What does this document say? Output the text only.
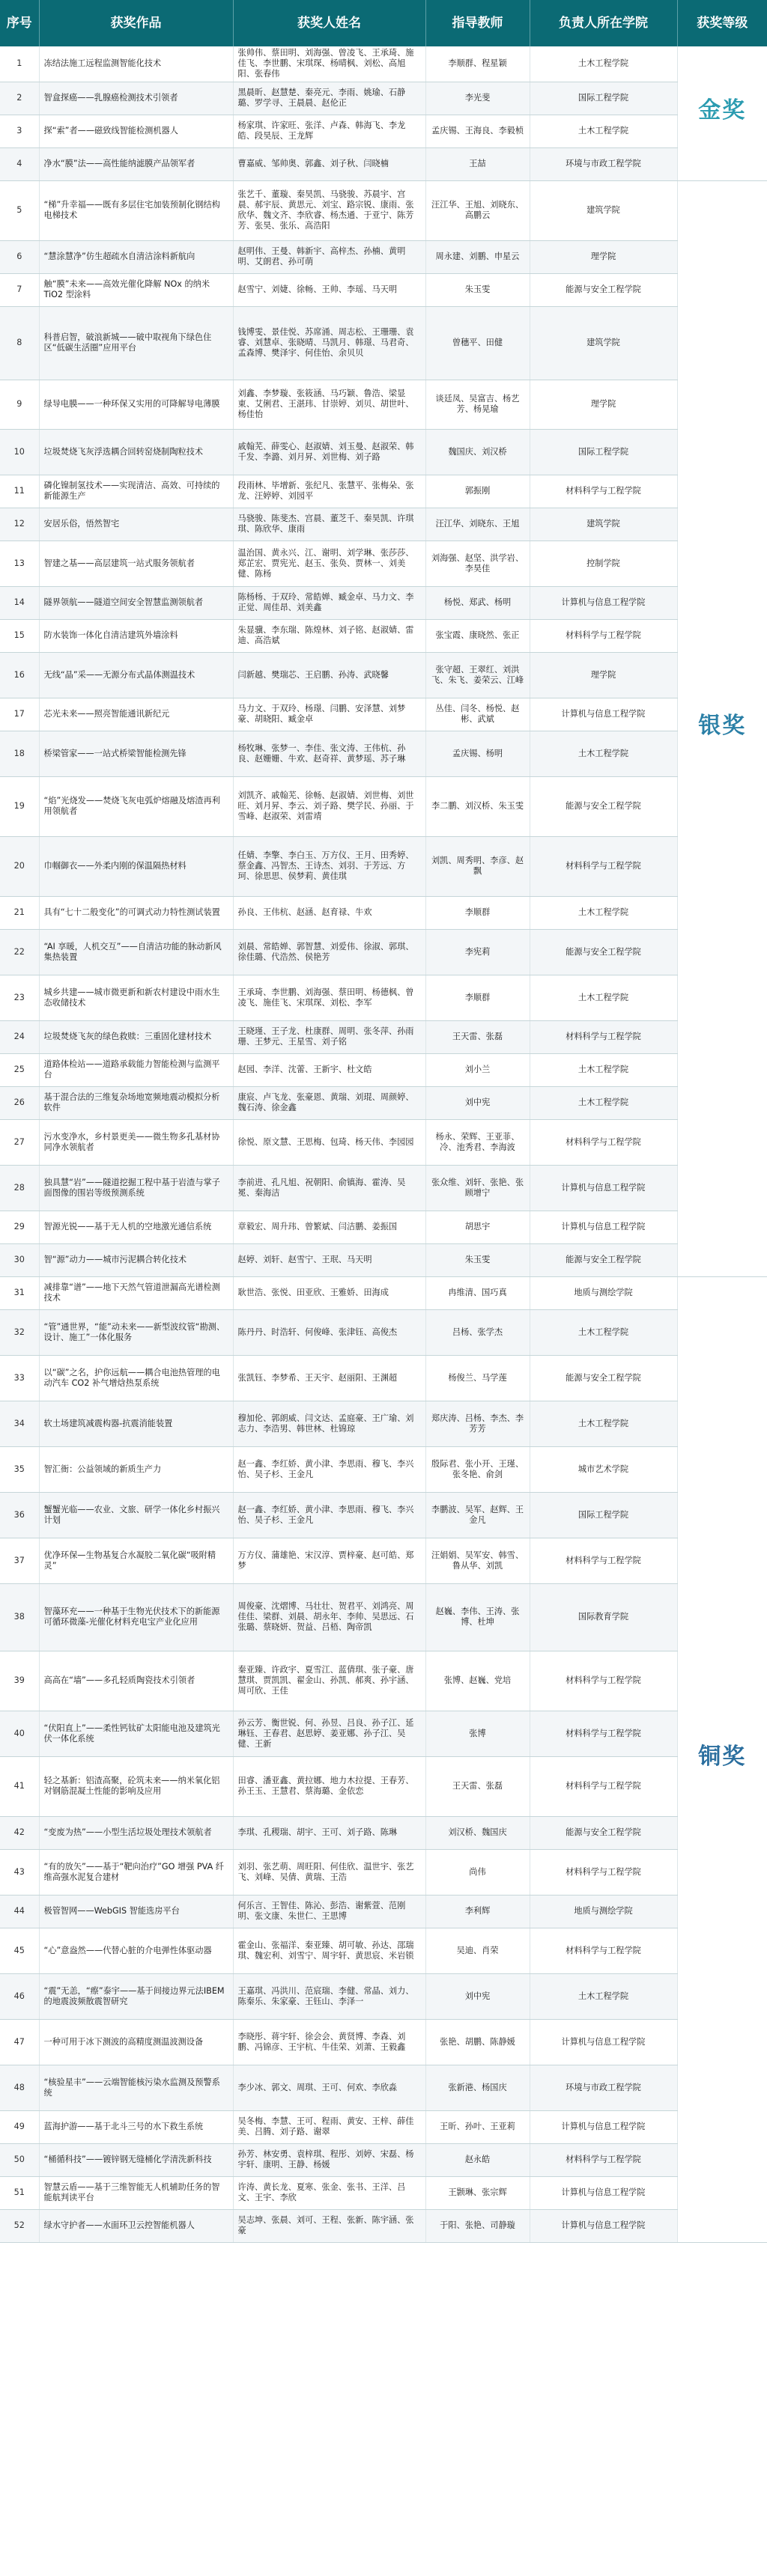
序号	获奖作品	获奖人姓名	指导教师	负责人所在学院	获奖等级
1	冻结法施工远程监测智能化技术	张帅伟、蔡田明、刘海强、曾凌飞、王承琦、施佳飞、李世鹏、宋琪琛、杨晴枫、刘松、高旭阳、张春伟	李顺群、程星颖	土木工程学院	金奖
2	智盒探癌——乳腺癌检测技术引领者	黑晨昕、赵慧楚、秦亮元、李雨、姚瑜、石静璐、罗学寻、王晨晨、赵伦正	李光斐	国际工程学院	
3	探“索”者——磁致线智能检测机器人	杨家琪、许家旺、张洋、卢森、韩海飞、李龙皓、段昊辰、王龙辉	孟庆锡、王海良、李毅桢	土木工程学院	
4	净水“膜”法——高性能纳滤膜产品领军者	曹嘉威、邹帅奥、郭鑫、刘子秋、闫晓楠	王喆	环境与市政工程学院	
5	“梯”升幸福——既有多层住宅加装预制化钢结构电梯技术	张艺千、董璇、秦昊凯、马骁骏、苏晨宇、宫晨、郝宇辰、黄思元、刘宝、路宗锐、康雨、张欣华、魏文齐、李欣睿、杨杰通、于亚宁、陈芳芳、张昊、张乐、高浩阳	汪江华、王旭、刘晓东、高鹏云	建筑学院	银奖
6	“慧涂慧净”仿生超疏水自清洁涂料新航向	赵明伟、王曼、韩新宇、高梓杰、孙楠、黄明明、艾朗君、孙可萌	周永建、刘鹏、申星云	理学院	
7	触“膜”未来——高效光催化降解 NOx 的纳米 TiO2 型涂料	赵雪宁、刘婕、徐畅、王帅、李瑶、马天明	朱玉雯	能源与安全工程学院	
8	科普启智，破浪新城——破中取视角下绿色住区“低碳生活圈”应用平台	钱博雯、景佳悦、苏席涌、周志松、王珊珊、袁睿、刘慧卓、张晓晴、马凯月、韩璟、马君奇、孟森博、樊泽宇、何佳怡、余贝贝	曾穗平、田健	建筑学院	
9	绿导电膜——一种环保又实用的可降解导电薄膜	刘鑫、李梦璇、张筱涵、马巧颖、鲁浩、梁显東、艾俐君、王湛玮、甘崇婷、刘贝、胡世叶、杨佳怡	谈廷凤、吴富吉、杨艺芳、杨晃瑜	理学院	
10	垃圾焚烧飞灰浮选耦合回转窑烧制陶粒技术	戚翰芜、薛雯心、赵淑婧、刘玉曼、赵淑荣、韩千发、李潞、刘月昇、刘世梅、刘子路	魏国庆、刘汉桥	国际工程学院	
11	磷化镍制氢技术——实现清洁、高效、可持续的新能源生产	段雨林、毕增新、张纪凡、张慧平、张梅朵、张龙、汪婷婷、刘园平	郭振刚	材料科学与工程学院	
12	安居乐俗，悟然智宅	马骁骏、陈斐杰、宫晨、董芝千、秦昊凯、许琪琪、陈欣华、康雨	汪江华、刘晓东、王旭	建筑学院	
13	智建之基——高层建筑一站式服务领航者	温治国、黄永兴、江、谢明、刘学琳、张莎莎、郑芷宏、贾宪光、赵玉、张奂、贾林一、刘美健、陈杨	刘海强、赵坚、洪学岩、李昊佳	控制学院	
14	隧界领航——隧道空间安全智慧监测领航者	陈杨杨、于双玲、常皓婵、臧金卓、马力文、李正觉、周佳昂、刘美鑫	杨悦、郑武、杨明	计算机与信息工程学院	
15	防水装饰一体化自清洁建筑外墙涂料	朱显骥、李东瑞、陈煌林、刘子铭、赵淑婧、雷迪、高浩斌	张宝霞、康晓然、张正	材料科学与工程学院	
16	无线“晶”采——无源分布式晶体测温技术	闫新越、樊瑞芯、王启鹏、孙涛、武晓馨	张守超、王翠红、刘洪飞、朱飞、姜荣云、江峰	理学院	
17	芯光未来——照亮智能通讯新纪元	马力文、于双玲、杨璟、闫鹏、安泽慧、刘梦豪、胡晓阳、臧金卓	丛佳、闫冬、杨悦、赵彬、武斌	计算机与信息工程学院	
18	桥梁管家——一站式桥梁智能检测先锋	杨牧琳、张梦一、李佳、张文涛、王伟杭、孙良、赵姗姗、牛欢、赵奇祥、黄梦瑶、苏子琳	孟庆锡、杨明	土木工程学院	
19	“焰”光烧发——焚烧飞灰电弧炉熔融及熔渣再利用领航者	刘凯齐、戚翰芜、徐畅、赵淑婧、刘世梅、刘世旺、刘月昇、李云、刘子路、樊学民、孙丽、于雪峰、赵淑荣、刘雷靖	李二鹏、刘汉桥、朱玉雯	能源与安全工程学院	
20	巾帼御衣——外柔内刚的保温隔热材料	任婧、李擎、李白玉、万方仪、王月、田秀婷、蔡金鑫、冯智杰、王诗杰、刘羽、于芳远、方珂、徐思思、侯梦莉、黄佳琪	刘凯、周秀明、李彦、赵飘	材料科学与工程学院	
21	具有“七十二般变化”的可调式动力特性测试装置	孙良、王伟杭、赵涵、赵育禄、牛欢	李顺群	土木工程学院	
22	“AI 享暖，人机交互”——自清洁功能的脉动新风集热装置	刘晨、常皓婵、郭智慧、刘爱伟、徐淑、郭琪、徐佳璐、代浩然、侯艳芳	李宪莉	能源与安全工程学院	
23	城乡共建——城市微更新和新农村建设中雨水生态收储技术	王承琦、李世鹏、刘海强、蔡田明、杨德枫、曾凌飞、施佳飞、宋琪琛、刘松、李军	李顺群	土木工程学院	
24	垃圾焚烧飞灰的绿色救赎：三重固化建材技术	王晓瑾、王子龙、杜康群、周明、张冬萍、孙雨珊、王梦元、王星雪、刘子铭	王天雷、张磊	材料科学与工程学院	
25	道路体检站——道路承载能力智能检测与监测平台	赵园、李洋、沈蕾、王新宇、杜文皓	刘小兰	土木工程学院	
26	基于混合法的三维复杂场地宽频地震动模拟分析软件	康宸、卢飞龙、张豪恩、黄瑞、刘琨、周颜婷、魏石涛、徐金鑫	刘中宪	土木工程学院	
27	污水变净水，乡村景更美——微生物多孔基材协同净水领航者	徐悦、原文慧、王思梅、包琦、杨天伟、李园园	杨永、荣辉、王亚菲、冷、池秀君、李海波	材料科学与工程学院	
28	独具慧“岩”——隧道挖掘工程中基于岩渣与掌子面图像的围岩等级预测系统	李前进、孔凡旭、祝朝阳、俞镇海、霍涛、吴冕、秦海洁	张众维、刘轩、张艳、张顾增宁	计算机与信息工程学院	
29	智源光锐——基于无人机的空地激光通信系统	章毅宏、周升玮、曾繁斌、闫洁鹏、姜振国	胡思宇	计算机与信息工程学院	
30	智“源”动力——城市污泥耦合转化技术	赵婷、刘轩、赵雪宁、王珉、马天明	朱玉雯	能源与安全工程学院	
31	减排靠“谱”——地下天然气管道泄漏高光谱检测技术	耿世浩、张悦、田亚欣、王雅娇、田海成	冉维清、国巧真	地质与测绘学院	铜奖
32	“管”通世界，“能”动未来——新型波纹管“勘测、设计、施工”一体化服务	陈丹丹、时浩轩、何俊峰、张津钰、高俊杰	吕杨、张学杰	土木工程学院	
33	以“碳”之名，护你远航——耦合电池热管理的电动汽车 CO2 补气增焓热泵系统	张凯钰、李梦希、王天宇、赵丽阳、王渊超	杨俊兰、马学莲	能源与安全工程学院	
34	软土场建筑减震构器-抗震消能装置	穆加伦、郭朗威、闫文达、孟庭豪、王广瑜、刘志力、李浩男、韩世林、杜锦琼	郑庆涛、吕杨、李杰、李芳芳	土木工程学院	
35	智汇衙：公益领域的新质生产力	赵一鑫、李红娇、黄小津、李思雨、穆飞、李兴怡、吴子杉、王金凡	殷际君、张小开、王瑾、张冬艳、俞剑	城市艺术学院	
36	蟹蟹光临——农业、文旅、研学一体化乡村振兴计划	赵一鑫、李红娇、黄小津、李思雨、穆飞、李兴怡、吴子杉、王金凡	李鹏波、吴军、赵辉、王金凡	国际工程学院	
37	优净环保—生物基复合水凝胶二氧化碳“吸附精灵”	万方仪、蒲雄艳、宋汉淳、贾梓豪、赵可皓、郑梦	汪娟娟、吴军安、韩雪、鲁从华、刘凯	材料科学与工程学院	
38	智藻环充——一种基于生物光伏技术下的新能源可循环微藻-光催化材料充电宝产业化应用	周俊豪、沈熠博、马壮壮、贺君平、刘鸿亮、周佳佳、梁群、刘晨、胡永年、李帅、吴思远、石张璐、蔡晓妍、贺益、吕梧、陶帝凯	赵巍、李伟、王涛、张博、杜坤	国际教育学院	
39	高高在“墙”——多孔轻质陶瓷技术引领者	秦亚臻、许政宇、夏雪江、蓝倩琪、张子豪、唐慧琪、贾凯凯、翟金山、孙凯、郝爽、孙宇涵、周可欣、王佳	张博、赵巍、党培	材料科学与工程学院	
40	“伏阳直上”——柔性钙钛矿太阳能电池及建筑光伏一体化系统	孙云芳、衡世锐、何、孙昱、吕良、孙子江、延琳钰、王春君、赵思婷、姜亚娜、孙子江、吴健、王新	张博	材料科学与工程学院	
41	轻之基新：铝渣高聚，砼筑未来——纳米氧化铝对钢筋混凝土性能的影响及应用	田睿、潘亚鑫、黄拉娜、地力木拉提、王春芳、孙王玉、王慧君、蔡海璐、金依恋	王天雷、张磊	材料科学与工程学院	
42	“变废为热”——小型生活垃圾处理技术领航者	李琪、孔稷瑞、胡宇、王可、刘子路、陈琳	刘汉桥、魏国庆	能源与安全工程学院	
43	“有的放矢”——基于“靶向治疗”GO 增强 PVA 纤维高强水泥复合建材	刘羽、张艺萌、周旺阳、何佳欣、温世宇、张艺飞、刘峰、吴倩、黄瑞、王浩	尚伟	材料科学与工程学院	
44	极管智网——WebGIS 智能选房平台	何乐言、王智佳、陈沁、彭浩、谢紫萱、范刚明、张文康、朱世仁、王思博	李利辉	地质与测绘学院	
45	“心”意盎然——代替心脏的介电弹性体驱动器	霍金山、张福洋、秦亚臻、胡可敏、孙达、邵瑞琪、魏宏利、刘雪宁、周宇轩、黄思宸、米岩锁	吴迪、肖荣	材料科学与工程学院	
46	“震”无恙，“瘵”泰宇——基于间接边界元法IBEM 的地震波频散震智研究	王嘉琪、冯洪川、范宸瑞、李健、常晶、刘力、陈秦乐、朱家豪、王钰山、李泽一	刘中宪	土木工程学院	
47	一种可用于冰下测波的高精度测温波测设备	李晓彤、蒋宇轩、徐会会、黄贤博、李森、刘鹏、冯锦彦、王宇杭、牛佳荣、刘萧、王毅鑫	张艳、胡鹏、陈静媛	计算机与信息工程学院	
48	“核验星丰”——云端智能核污染水监测及预警系统	李少冰、郭文、周琪、王可、何欢、李欣淼	张新港、杨国庆	环境与市政工程学院	
49	蓝海护游——基于北斗三号的水下救生系统	吴冬梅、李慧、王可、程雨、黄安、王梓、薛佳美、吕腾、刘子路、谢翠	王昕、孙叶、王亚莉	计算机与信息工程学院	
50	“桶循科技”——镀锌钢无缝桶化学清洗新科技	孙芳、林安勇、袁梓琪、程彤、刘婷、宋磊、杨宇轩、康明、王静、杨媛	赵永皓	材料科学与工程学院	
51	智慧云盾——基于三维智能无人机辅助任务的智能航判读平台	许涛、黄长龙、夏寒、张金、张书、王洋、吕文、王宇、李欣	王颢琳、张宗辉	计算机与信息工程学院	
52	绿水守护者——水面环卫云控智能机器人	吴志坤、张晨、刘可、王程、张新、陈宇涵、张豪	于阳、张艳、司静璇	计算机与信息工程学院	
